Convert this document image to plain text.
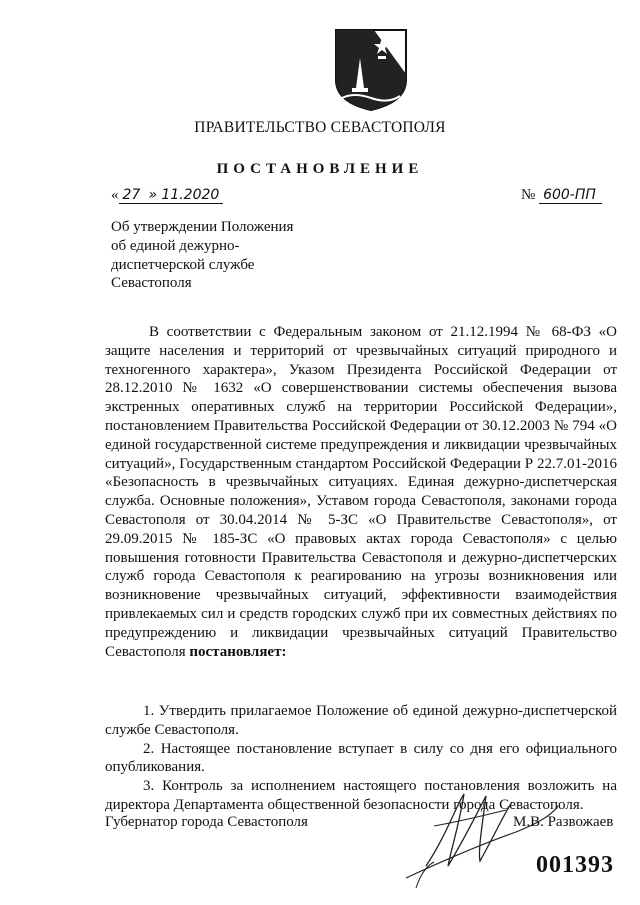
ПРАВИТЕЛЬСТВО СЕВАСТОПОЛЯ
ПОСТАНОВЛЕНИЕ
« 27 » 11.2020	№ 600-ПП
Об утверждении Положения
об единой дежурно-
диспетчерской службе
Севастополя

В соответствии с Федеральным законом от 21.12.1994 № 68-ФЗ «О защите населения и территорий от чрезвычайных ситуаций природного и техногенного характера», Указом Президента Российской Федерации от 28.12.2010 № 1632 «О совершенствовании системы обеспечения вызова экстренных оперативных служб на территории Российской Федерации», постановлением Правительства Российской Федерации от 30.12.2003 № 794 «О единой государственной системе предупреждения и ликвидации чрезвычайных ситуаций», Государственным стандартом Российской Федерации Р 22.7.01-2016 «Безопасность в чрезвычайных ситуациях. Единая дежурно-диспетчерская служба. Основные положения», Уставом города Севастополя, законами города Севастополя от 30.04.2014 № 5-ЗС «О Правительстве Севастополя», от 29.09.2015 № 185-ЗС «О правовых актах города Севастополя» с целью повышения готовности Правительства Севастополя и дежурно-диспетчерских служб города Севастополя к реагированию на угрозы возникновения или возникновение чрезвычайных ситуаций, эффективности взаимодействия привлекаемых сил и средств городских служб при их совместных действиях по предупреждению и ликвидации чрезвычайных ситуаций Правительство Севастополя постановляет:

1. Утвердить прилагаемое Положение об единой дежурно-диспетчерской службе Севастополя.

2. Настоящее постановление вступает в силу со дня его официального опубликования.

3. Контроль за исполнением настоящего постановления возложить на директора Департамента общественной безопасности города Севастополя.

Губернатор города Севастополя	М.В. Развожаев
001393
